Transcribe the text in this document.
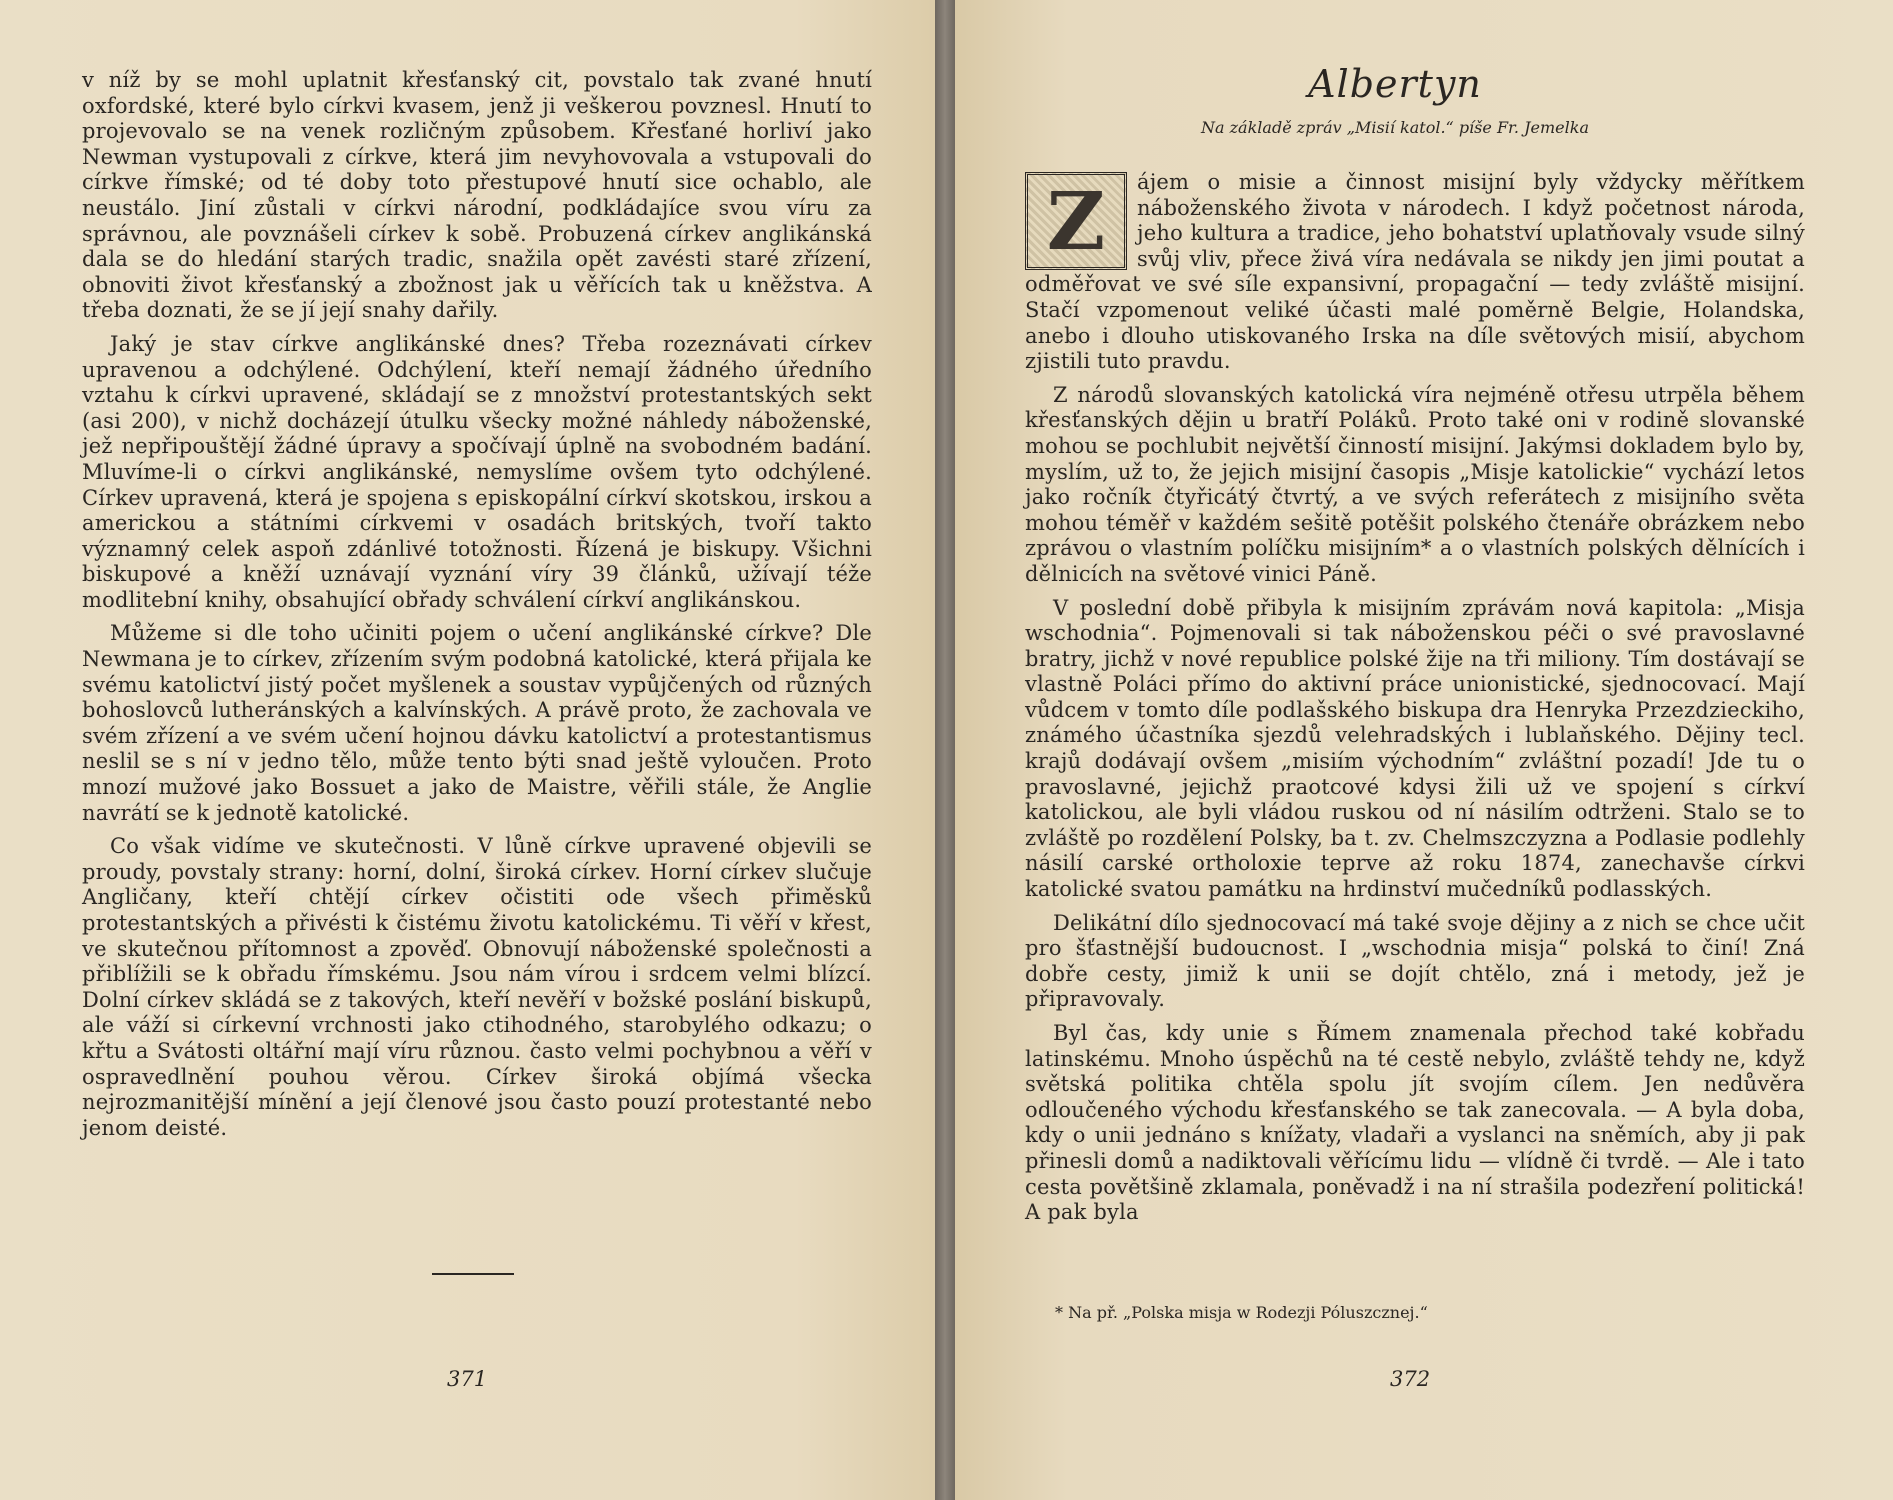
v níž by se mohl uplatnit křesťanský cit, povstalo tak zvané hnutí oxfordské, které bylo církvi kvasem, jenž ji veškerou povznesl. Hnutí to projevovalo se na venek rozličným způsobem. Křesťané horliví jako Newman vystupovali z církve, která jim nevyhovovala a vstupovali do církve římské; od té doby toto přestupové hnutí sice ochablo, ale neustálo. Jiní zůstali v církvi národní, podkládajíce svou víru za správnou, ale povznášeli církev k sobě. Probuzená církev anglikánská dala se do hledání starých tradic, snažila opět zavésti staré zřízení, obnoviti život křesťanský a zbožnost jak u věřících tak u kněžstva. A třeba doznati, že se jí její snahy dařily.

Jaký je stav církve anglikánské dnes? Třeba rozeznávati církev upravenou a odchýlené. Odchýlení, kteří nemají žádného úředního vztahu k církvi upravené, skládají se z množství protestantských sekt (asi 200), v nichž docházejí útulku všecky možné náhledy náboženské, jež nepřipouštějí žádné úpravy a spočívají úplně na svobodném badání. Mluvíme-li o církvi anglikánské, nemyslíme ovšem tyto odchýlené. Církev upravená, která je spojena s episkopální církví skotskou, irskou a americkou a státními církvemi v osadách britských, tvoří takto významný celek aspoň zdánlivé totožnosti. Řízená je biskupy. Všichni biskupové a kněží uznávají vyznání víry 39 článků, užívají téže modlitební knihy, obsahující obřady schválení církví anglikánskou.

Můžeme si dle toho učiniti pojem o učení anglikánské církve? Dle Newmana je to církev, zřízením svým podobná katolické, která přijala ke svému katolictví jistý počet myšlenek a soustav vypůjčených od různých bohoslovců lutheránských a kalvínských. A právě proto, že zachovala ve svém zřízení a ve svém učení hojnou dávku katolictví a protestantismus neslil se s ní v jedno tělo, může tento býti snad ještě vyloučen. Proto mnozí mužové jako Bossuet a jako de Maistre, věřili stále, že Anglie navrátí se k jednotě katolické.

Co však vidíme ve skutečnosti. V lůně církve upravené objevili se proudy, povstaly strany: horní, dolní, široká církev. Horní církev slučuje Angličany, kteří chtějí církev očistiti ode všech přiměsků protestantských a přivésti k čistému životu katolickému. Ti věří v křest, ve skutečnou přítomnost a zpověď. Obnovují náboženské společnosti a přiblížili se k obřadu římskému. Jsou nám vírou i srdcem velmi blízcí. Dolní církev skládá se z takových, kteří nevěří v božské poslání biskupů, ale váží si církevní vrchnosti jako ctihodného, starobylého odkazu; o křtu a Svátosti oltářní mají víru různou. často velmi pochybnou a věří v ospravedlnění pouhou věrou. Církev široká objímá všecka nejrozmanitější mínění a její členové jsou často pouzí protestanté nebo jenom deisté.

371
Albertyn
Na základě zpráv „Misií katol.“ píše Fr. Jemelka

Z	ájem o misie a činnost misijní byly vždycky měřítkem náboženského života v národech. I když početnost národa, jeho kultura a tradice, jeho bohatství uplatňovaly vsude silný svůj vliv, přece živá víra nedávala se nikdy jen jimi poutat a odměřovat ve své síle expansivní, propagační — tedy zvláště misijní. Stačí vzpomenout veliké účasti malé poměrně Belgie, Holandska, anebo i dlouho utiskovaného Irska na díle světových misií, abychom zjistili tuto pravdu.

Z národů slovanských katolická víra nejméně otřesu utrpěla během křesťanských dějin u bratří Poláků. Proto také oni v rodině slovanské mohou se pochlubit největší činností misijní. Jakýmsi dokladem bylo by, myslím, už to, že jejich misijní časopis „Misje katolickie“ vychází letos jako ročník čtyřicátý čtvrtý, a ve svých referátech z misijního světa mohou téměř v každém sešitě potěšit polského čtenáře obrázkem nebo zprávou o vlastním políčku misijním* a o vlastních polských dělnících i dělnicích na světové vinici Páně.

V poslední době přibyla k misijním zprávám nová kapitola: „Misja wschodnia“. Pojmenovali si tak náboženskou péči o své pravoslavné bratry, jichž v nové republice polské žije na tři miliony. Tím dostávají se vlastně Poláci přímo do aktivní práce unionistické, sjednocovací. Mají vůdcem v tomto díle podlašského biskupa dra Henryka Przezdzieckiho, známého účastníka sjezdů velehradských i lublaňského. Dějiny tecl. krajů dodávají ovšem „misiím východním“ zvláštní pozadí! Jde tu o pravoslavné, jejichž praotcové kdysi žili už ve spojení s církví katolickou, ale byli vládou ruskou od ní násilím odtrženi. Stalo se to zvláště po rozdělení Polsky, ba t. zv. Chelmszczyzna a Podlasie podlehly násilí carské ortholoxie teprve až roku 1874, zanechavše církvi katolické svatou památku na hrdinství mučedníků podlasských.

Delikátní dílo sjednocovací má také svoje dějiny a z nich se chce učit pro šťastnější budoucnost. I „wschodnia misja“ polská to činí! Zná dobře cesty, jimiž k unii se dojít chtělo, zná i metody, jež je připravovaly.

Byl čas, kdy unie s Římem znamenala přechod také kobřadu latinskému. Mnoho úspěchů na té cestě nebylo, zvláště tehdy ne, když světská politika chtěla spolu jít svojím cílem. Jen nedůvěra odloučeného východu křesťanského se tak zanecovala. — A byla doba, kdy o unii jednáno s knížaty, vladaři a vyslanci na sněmích, aby ji pak přinesli domů a nadiktovali věřícímu lidu — vlídně či tvrdě. — Ale i tato cesta povětšině zklamala, poněvadž i na ní strašila podezření politická! A pak byla

* Na př. „Polska misja w Rodezji Póluszcznej.“
372
